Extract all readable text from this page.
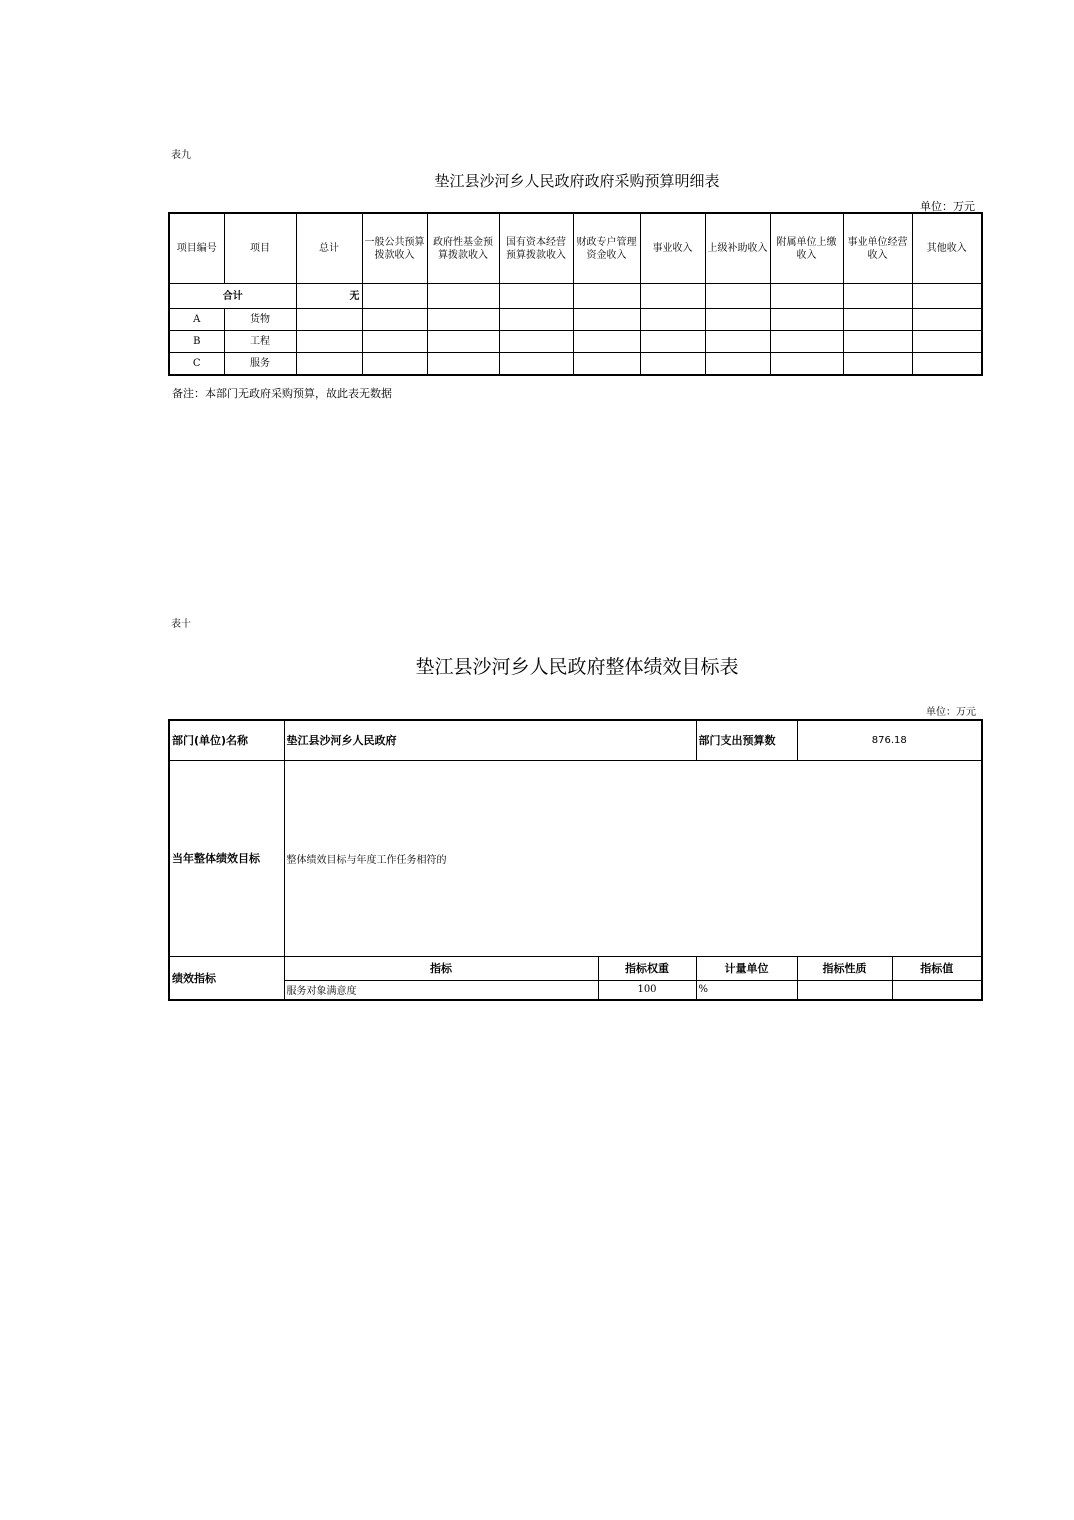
表九
垫江县沙河乡人民政府政府采购预算明细表
单位：万元
项目编号	项目	总计	一般公共预算拨款收入	政府性基金预算拨款收入	国有资本经营预算拨款收入	财政专户管理资金收入	事业收入	上级补助收入	附属单位上缴收入	事业单位经营收入	其他收入
合计		无									
A	货物										
B	工程										
C	服务										
备注：本部门无政府采购预算，故此表无数据
表十
垫江县沙河乡人民政府整体绩效目标表
单位：万元
部门(单位)名称	垫江县沙河乡人民政府		部门支出预算数	876.18	
当年整体绩效目标	整体绩效目标与年度工作任务相符的				
绩效指标	指标	指标权重	计量单位	指标性质	指标值
	服务对象满意度	100	%		
